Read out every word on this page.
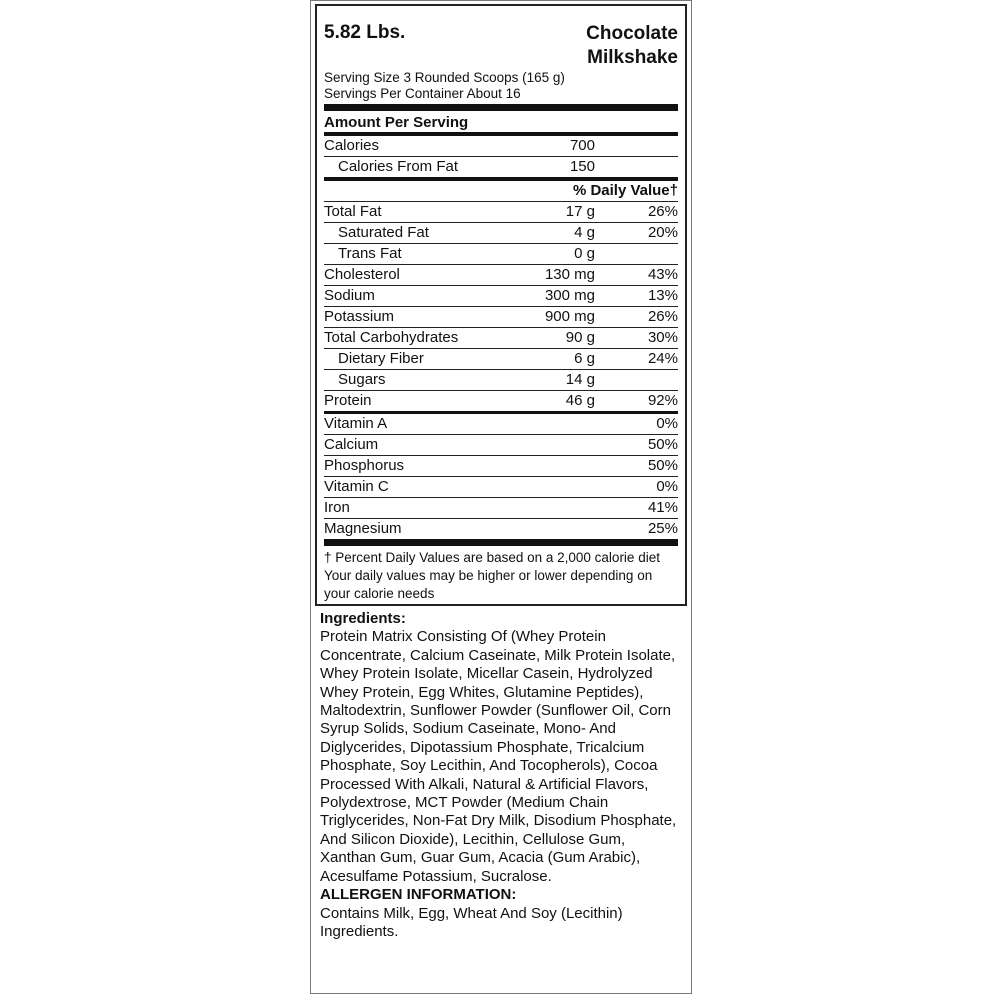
5.82 Lbs.	Chocolate Milkshake
Serving Size 3 Rounded Scoops (165 g)
Servings Per Container About 16
Amount Per Serving
Calories	700
Calories From Fat	150
% Daily Value†
Total Fat	17 g	26%
Saturated Fat	4 g	20%
Trans Fat	0 g
Cholesterol	130 mg	43%
Sodium	300 mg	13%
Potassium	900 mg	26%
Total Carbohydrates	90 g	30%
Dietary Fiber	6 g	24%
Sugars	14 g
Protein	46 g	92%
Vitamin A	0%
Calcium	50%
Phosphorus	50%
Vitamin C	0%
Iron	41%
Magnesium	25%
† Percent Daily Values are based on a 2,000 calorie diet Your daily values may be higher or lower depending on your calorie needs
Ingredients:
Protein Matrix Consisting Of (Whey Protein Concentrate, Calcium Caseinate, Milk Protein Isolate, Whey Protein Isolate, Micellar Casein, Hydrolyzed Whey Protein, Egg Whites, Glutamine Peptides), Maltodextrin, Sunflower Powder (Sunflower Oil, Corn Syrup Solids, Sodium Caseinate, Mono- And Diglycerides, Dipotassium Phosphate, Tricalcium Phosphate, Soy Lecithin, And Tocopherols), Cocoa Processed With Alkali, Natural & Artificial Flavors, Polydextrose, MCT Powder (Medium Chain Triglycerides, Non-Fat Dry Milk, Disodium Phosphate, And Silicon Dioxide), Lecithin, Cellulose Gum, Xanthan Gum, Guar Gum, Acacia (Gum Arabic), Acesulfame Potassium, Sucralose.
ALLERGEN INFORMATION:
Contains Milk, Egg, Wheat And Soy (Lecithin) Ingredients.
